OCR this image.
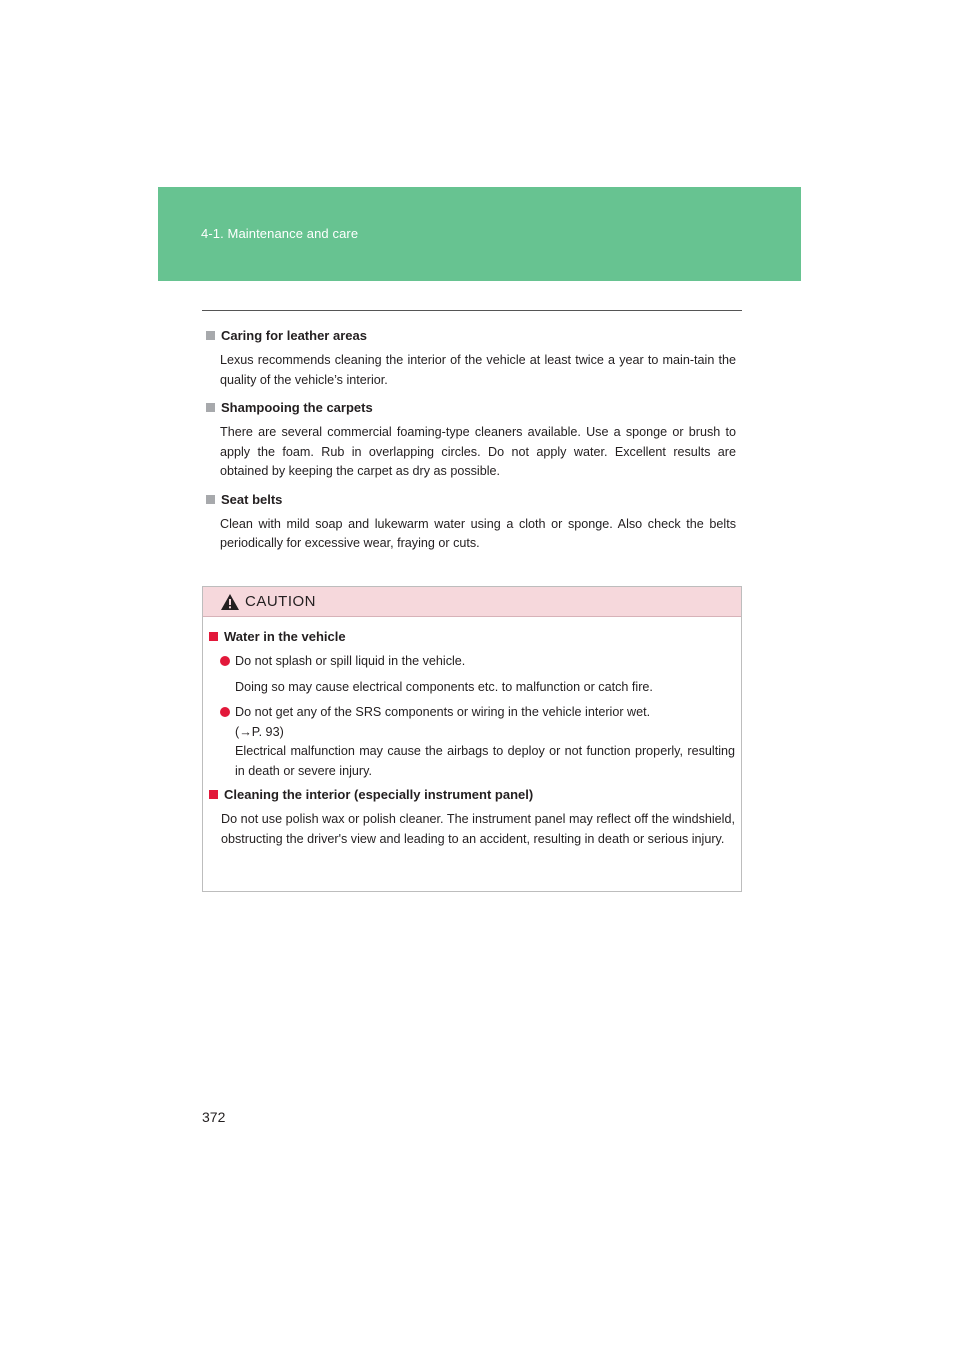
4-1. Maintenance and care
Caring for leather areas

Lexus recommends cleaning the interior of the vehicle at least twice a year to main-tain the quality of the vehicle’s interior.

Shampooing the carpets

There are several commercial foaming-type cleaners available. Use a sponge or brush to apply the foam. Rub in overlapping circles. Do not apply water. Excellent results are obtained by keeping the carpet as dry as possible.

Seat belts

Clean with mild soap and lukewarm water using a cloth or sponge. Also check the belts periodically for excessive wear, fraying or cuts.

CAUTION
Water in the vehicle
Do not splash or spill liquid in the vehicle.

Doing so may cause electrical components etc. to malfunction or catch fire.

Do not get any of the SRS components or wiring in the vehicle interior wet.
(→P. 93)

Electrical malfunction may cause the airbags to deploy or not function properly, resulting in death or severe injury.
Cleaning the interior (especially instrument panel)

Do not use polish wax or polish cleaner. The instrument panel may reflect off the windshield, obstructing the driver's view and leading to an accident, resulting in death or serious injury.

372
